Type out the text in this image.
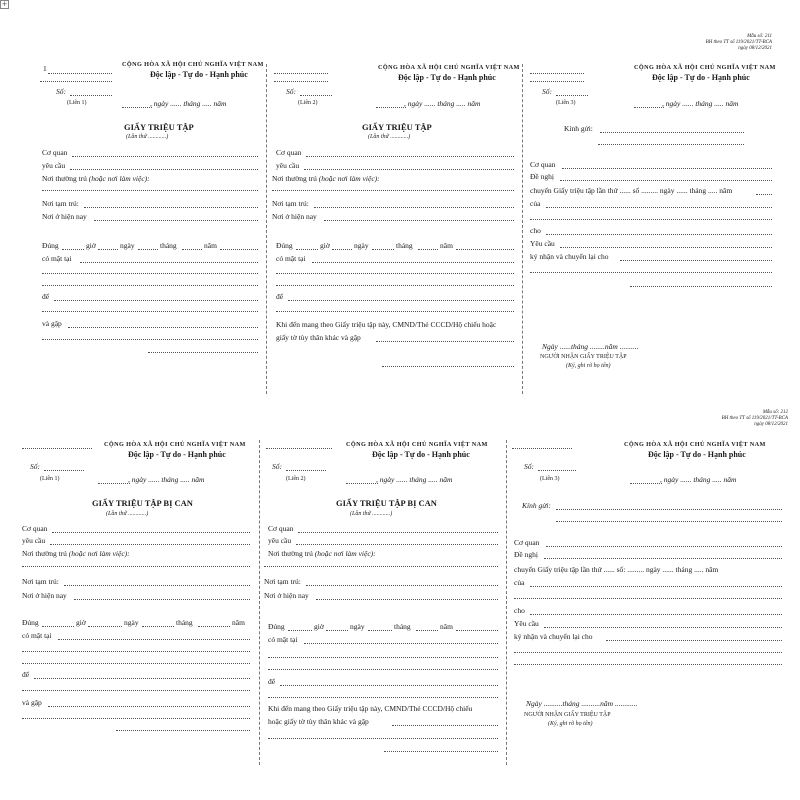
+
Mẫu số: 211
BH theo TT số 119/2021/TT-BCA
ngày 08/12/2021
1	CỘNG HÒA XÃ HỘI CHỦ NGHĨA VIỆT NAM
Độc lập - Tự do - Hạnh phúc
Số:
(Liên 1)	, ngày ...... tháng ..... năm
GIẤY TRIỆU TẬP
(Lần thứ ............)
Cơ quan
yêu cầu
Nơi thường trú (hoặc nơi làm việc):
Nơi tạm trú:
Nơi ở hiện nay
Đúng	giờ	ngày	tháng	năm
có mặt tại
để
và gặp
CỘNG HÒA XÃ HỘI CHỦ NGHĨA VIỆT NAM
Độc lập - Tự do - Hạnh phúc
Số:
(Liên 2)	, ngày ...... tháng ..... năm
GIẤY TRIỆU TẬP
(Lần thứ ............)
Cơ quan
yêu cầu
Nơi thường trú (hoặc nơi làm việc):
Nơi tạm trú:
Nơi ở hiện nay
Đúng	giờ	ngày	tháng	năm
có mặt tại
để
Khi đến mang theo Giấy triệu tập này, CMND/Thẻ CCCD/Hộ chiếu hoặc
giấy tờ tùy thân khác và gặp
CỘNG HÒA XÃ HỘI CHỦ NGHĨA VIỆT NAM
Độc lập - Tự do - Hạnh phúc
Số:
(Liên 3)	, ngày ...... tháng ..... năm
Kính gửi:
Cơ quan
Đề nghị
chuyển Giấy triệu tập lần thứ ...... số ......... ngày ...... tháng ..... năm
của
cho
Yêu cầu
ký nhận và chuyển lại cho
Ngày ......tháng ........năm ..........
NGƯỜI NHẬN GIẤY TRIỆU TẬP
(Ký, ghi rõ họ tên)
Mẫu số: 212
BH theo TT số 119/2021/TT-BCA
ngày 08/12/2021
CỘNG HÒA XÃ HỘI CHỦ NGHĨA VIỆT NAM
Độc lập - Tự do - Hạnh phúc
Số:
(Liên 1)	, ngày ...... tháng ..... năm
GIẤY TRIỆU TẬP BỊ CAN
(Lần thứ ............)
Cơ quan
yêu cầu
Nơi thường trú (hoặc nơi làm việc):
Nơi tạm trú:
Nơi ở hiện nay
Đúng	giờ	ngày	tháng	năm
có mặt tại
để
và gặp
CỘNG HÒA XÃ HỘI CHỦ NGHĨA VIỆT NAM
Độc lập - Tự do - Hạnh phúc
Số:
(Liên 2)	, ngày ...... tháng ..... năm
GIẤY TRIỆU TẬP BỊ CAN
(Lần thứ ............)
Cơ quan
yêu cầu
Nơi thường trú (hoặc nơi làm việc):
Nơi tạm trú:
Nơi ở hiện nay
Đúng	giờ	ngày	tháng	năm
có mặt tại
để
Khi đến mang theo Giấy triệu tập này, CMND/Thẻ CCCD/Hộ chiếu
hoặc giấy tờ tùy thân khác và gặp
CỘNG HÒA XÃ HỘI CHỦ NGHĨA VIỆT NAM
Độc lập - Tự do - Hạnh phúc
Số:
(Liên 3)	, ngày ...... tháng ..... năm
Kính gửi:
Cơ quan
Đề nghị
chuyển Giấy triệu tập lần thứ ...... số: ......... ngày ...... tháng ..... năm
của
cho
Yêu cầu
ký nhận và chuyển lại cho
Ngày ..........tháng ..........năm ............
NGƯỜI NHẬN GIẤY TRIỆU TẬP
(Ký, ghi rõ họ tên)
